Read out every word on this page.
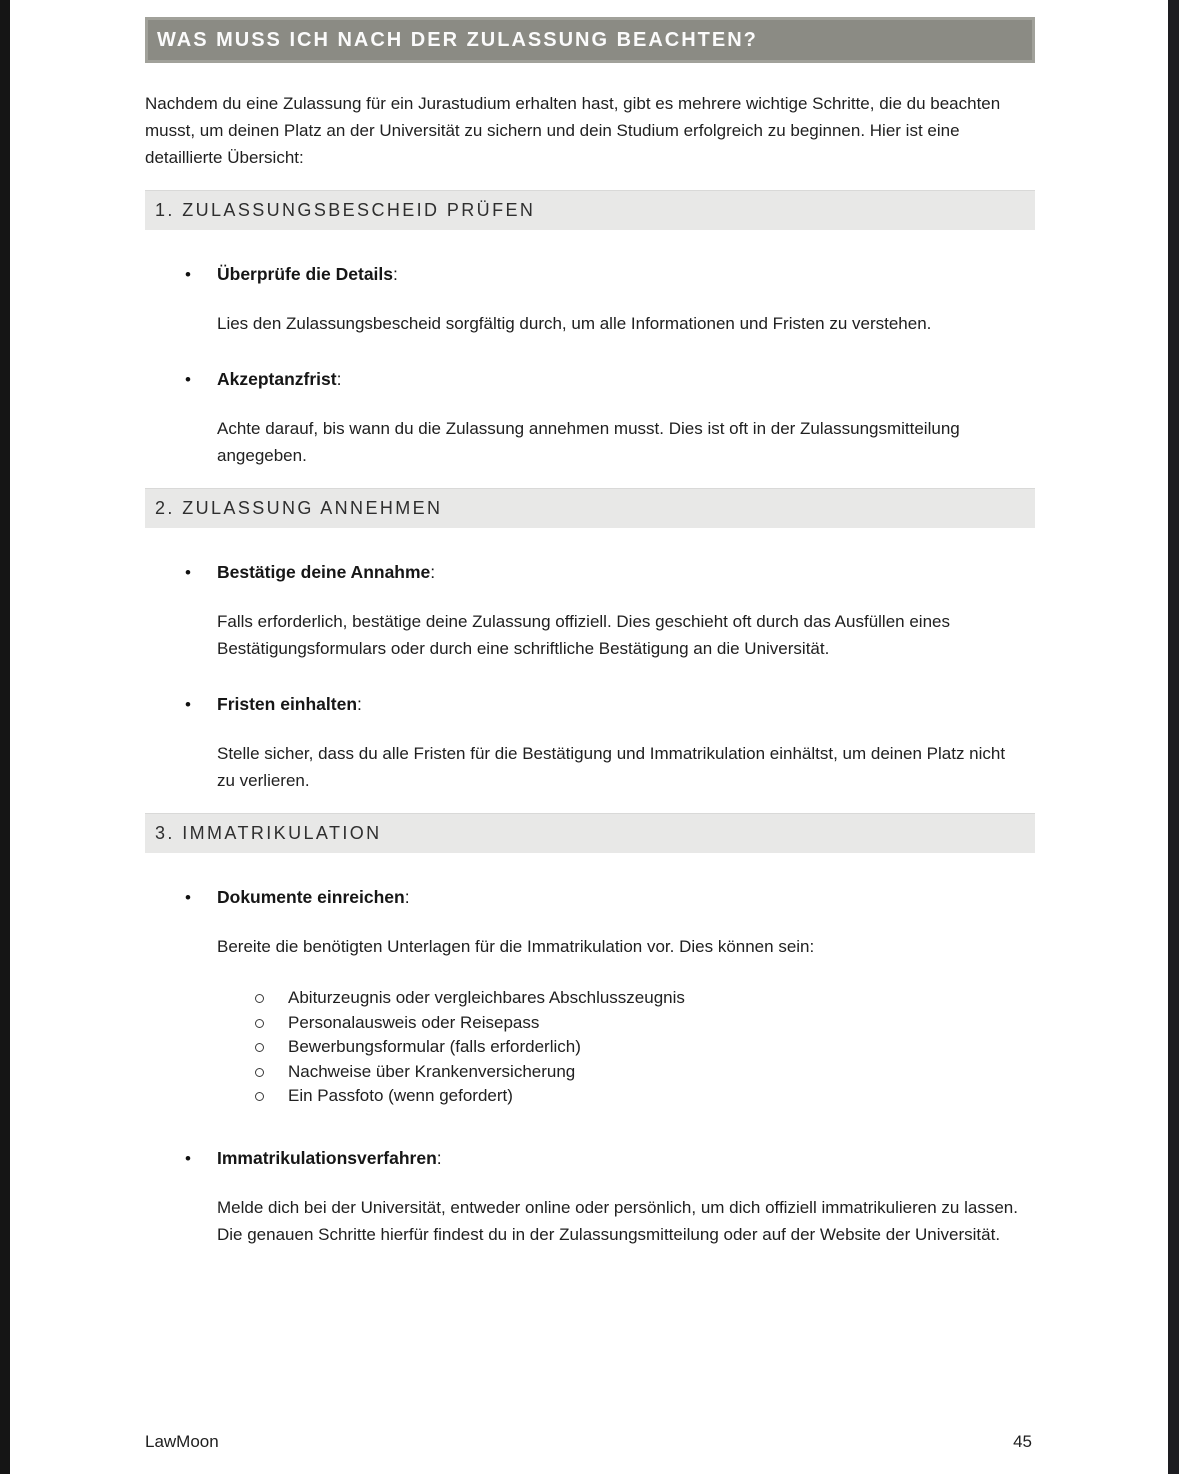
WAS MUSS ICH NACH DER ZULASSUNG BEACHTEN?

Nachdem du eine Zulassung für ein Jurastudium erhalten hast, gibt es mehrere wichtige Schritte, die du beachten musst, um deinen Platz an der Universität zu sichern und dein Studium erfolgreich zu beginnen. Hier ist eine detaillierte Übersicht:

1. ZULASSUNGSBESCHEID PRÜFEN
• Überprüfe die Details:

Lies den Zulassungsbescheid sorgfältig durch, um alle Informationen und Fristen zu verstehen.

• Akzeptanzfrist:

Achte darauf, bis wann du die Zulassung annehmen musst. Dies ist oft in der Zulassungsmitteilung angegeben.

2. ZULASSUNG ANNEHMEN
• Bestätige deine Annahme:

Falls erforderlich, bestätige deine Zulassung offiziell. Dies geschieht oft durch das Ausfüllen eines Bestätigungsformulars oder durch eine schriftliche Bestätigung an die Universität.

• Fristen einhalten:

Stelle sicher, dass du alle Fristen für die Bestätigung und Immatrikulation einhältst, um deinen Platz nicht zu verlieren.

3. IMMATRIKULATION
• Dokumente einreichen:

Bereite die benötigten Unterlagen für die Immatrikulation vor. Dies können sein:

Abiturzeugnis oder vergleichbares Abschlusszeugnis
Personalausweis oder Reisepass
Bewerbungsformular (falls erforderlich)
Nachweise über Krankenversicherung
Ein Passfoto (wenn gefordert)
• Immatrikulationsverfahren:

Melde dich bei der Universität, entweder online oder persönlich, um dich offiziell immatrikulieren zu lassen. Die genauen Schritte hierfür findest du in der Zulassungsmitteilung oder auf der Website der Universität.

LawMoon	45
